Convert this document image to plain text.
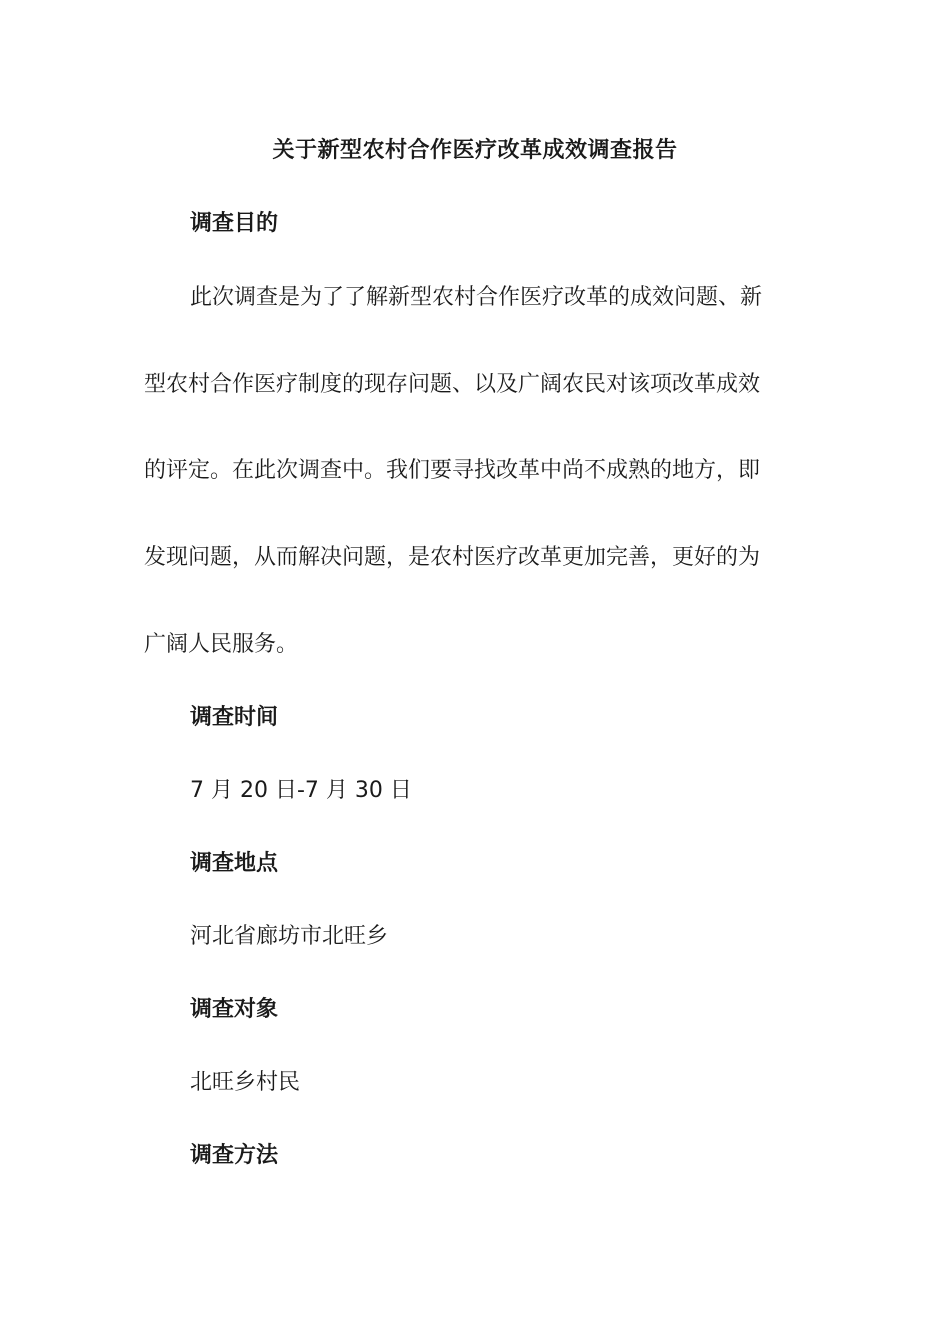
关于新型农村合作医疗改革成效调查报告
调查目的
此次调查是为了了解新型农村合作医疗改革的成效问题、新
型农村合作医疗制度的现存问题、以及广阔农民对该项改革成效
的评定。在此次调查中。我们要寻找改革中尚不成熟的地方，即
发现问题，从而解决问题，是农村医疗改革更加完善，更好的为
广阔人民服务。
调查时间
7 月 20 日-7 月 30 日
调查地点
河北省廊坊市北旺乡
调查对象
北旺乡村民
调查方法
